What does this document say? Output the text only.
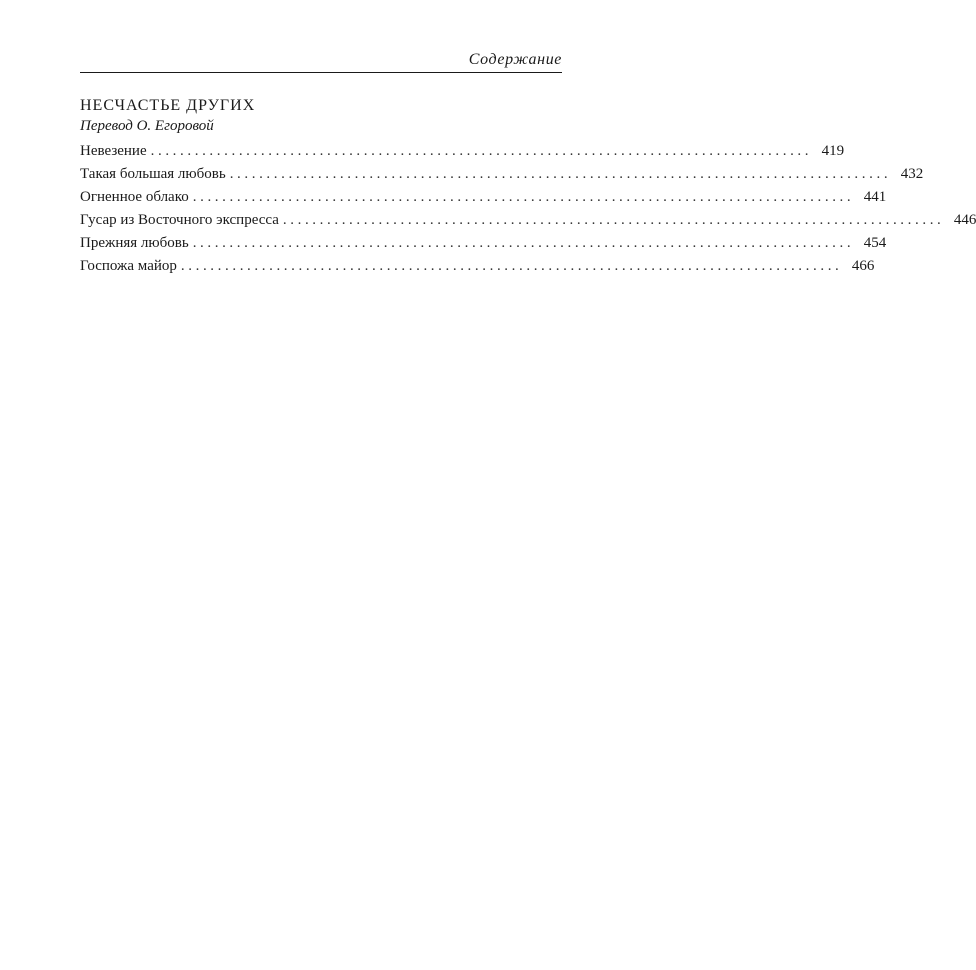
Содержание

НЕСЧАСТЬЕ ДРУГИХ

Перевод О. Егоровой

Невезение .......................................................................................... 419
Такая большая любовь .......................................................................................... 432
Огненное облако .......................................................................................... 441
Гусар из Восточного экспресса .......................................................................................... 446
Прежняя любовь .......................................................................................... 454
Госпожа майор .......................................................................................... 466
